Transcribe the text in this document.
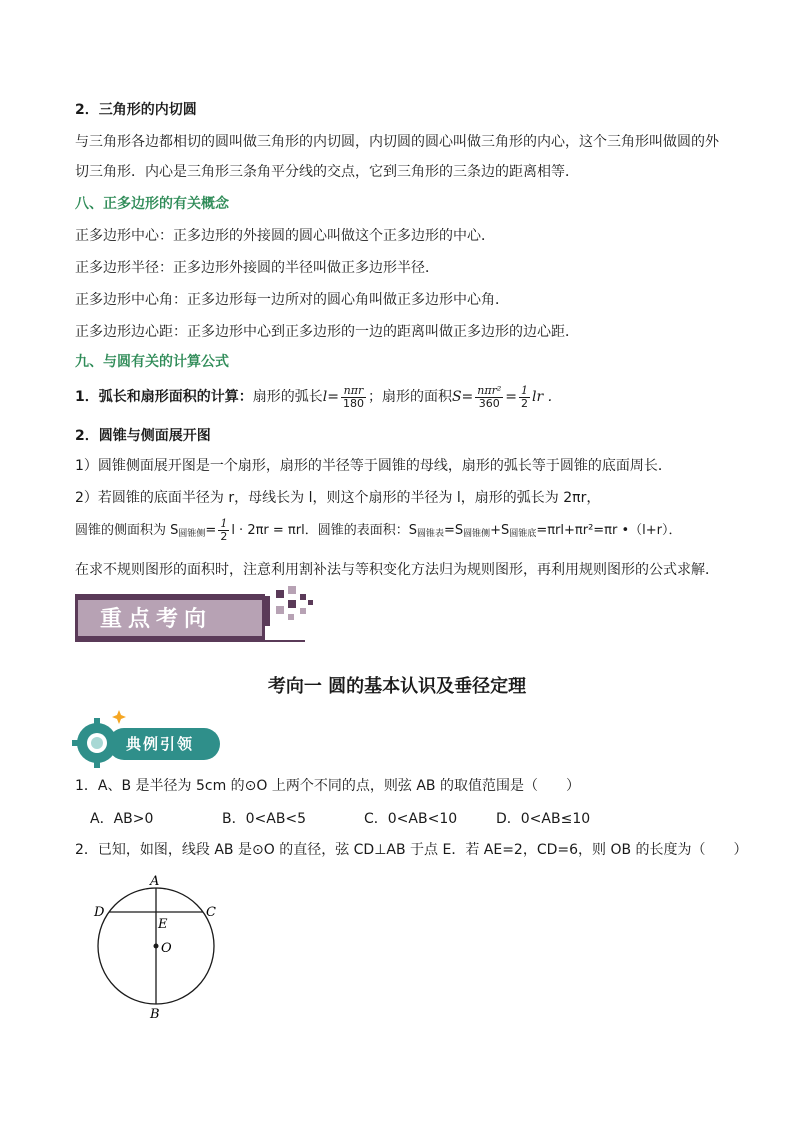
2．三角形的内切圆
与三角形各边都相切的圆叫做三角形的内切圆，内切圆的圆心叫做三角形的内心，这个三角形叫做圆的外
切三角形．内心是三角形三条角平分线的交点，它到三角形的三条边的距离相等．
八、正多边形的有关概念
正多边形中心：正多边形的外接圆的圆心叫做这个正多边形的中心．
正多边形半径：正多边形外接圆的半径叫做正多边形半径．
正多边形中心角：正多边形每一边所对的圆心角叫做正多边形中心角．
正多边形边心距：正多边形中心到正多边形的一边的距离叫做正多边形的边心距．
九、与圆有关的计算公式
1．弧长和扇形面积的计算：扇形的弧长$l= \frac{\text{nπr}}{180}$ ；扇形的面积$S= \frac{\text{nπr²}}{360} = \frac{1}{2}$ lr .
2．圆锥与侧面展开图
1）圆锥侧面展开图是一个扇形，扇形的半径等于圆锥的母线，扇形的弧长等于圆锥的底面周长．
2）若圆锥的底面半径为 r，母线长为 l，则这个扇形的半径为 l，扇形的弧长为 2πr，
圆锥的侧面积为 $S_{圆锥侧}= \frac{1}{2}$ l · 2πr = πrl．圆锥的表面积：$S_{圆锥表}=S_{圆锥侧}+S_{圆锥底}=\pi rl+\pi r^2=\pi r$ •（l+r）．
在求不规则图形的面积时，注意利用割补法与等积变化方法归为规则图形，再利用规则图形的公式求解．
重点考向
考向一 圆的基本认识及垂径定理
典例引领
1．A、B 是半径为 5cm 的⊙O 上两个不同的点，则弦 AB 的取值范围是（　　）
A．AB>0	B．0<AB<5	C．0<AB<10	D．0<AB≤10
2．已知，如图，线段 AB 是⊙O 的直径，弦 CD⊥AB 于点 E．若 AE=2，CD=6，则 OB 的长度为（　　）
A
B
D	C
E
O
